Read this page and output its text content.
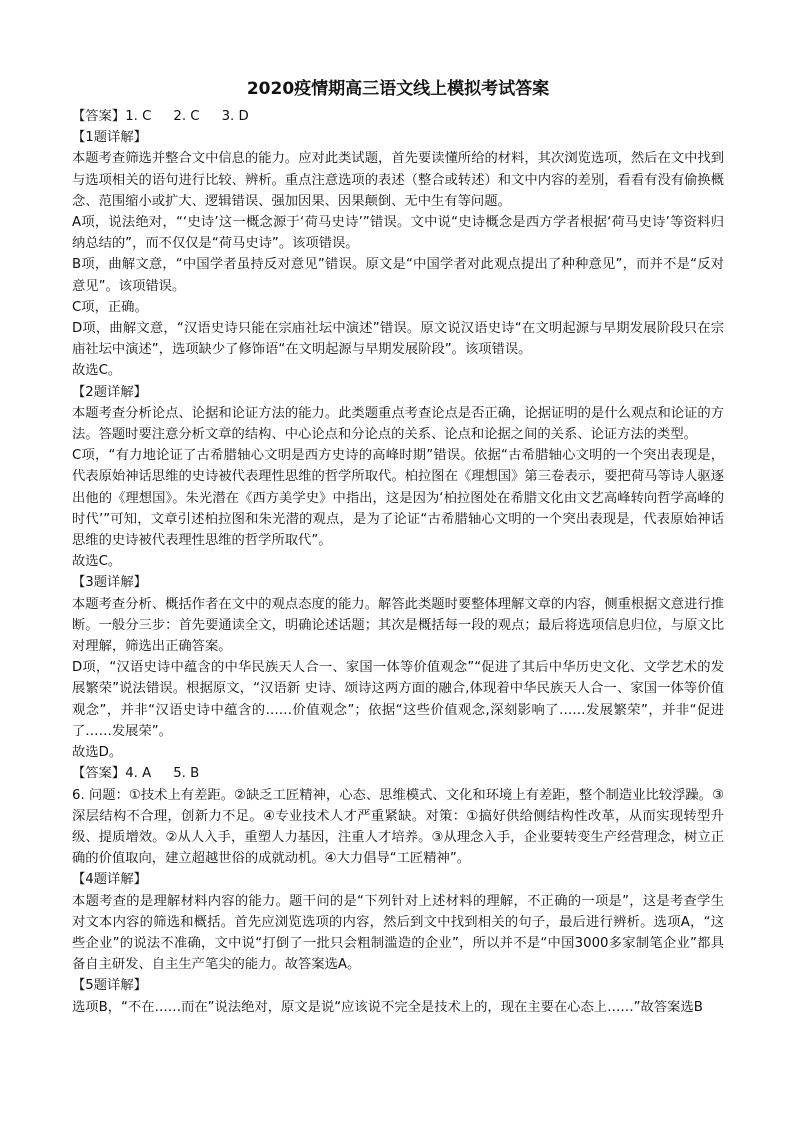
2020疫情期高三语文线上模拟考试答案

【答案】1. C 2. C 3. D

【1题详解】

本题考查筛选并整合文中信息的能力。应对此类试题，首先要读懂所给的材料，其次浏览选项，然后在文中找到与选项相关的语句进行比较、辨析。重点注意选项的表述（整合或转述）和文中内容的差别，看看有没有偷换概念、范围缩小或扩大、逻辑错误、强加因果、因果颠倒、无中生有等问题。

A项，说法绝对，“‘史诗’这一概念源于‘荷马史诗’”错误。文中说“史诗概念是西方学者根据‘荷马史诗’等资料归纳总结的”，而不仅仅是“荷马史诗”。该项错误。

B项，曲解文意，“中国学者虽持反对意见”错误。原文是“中国学者对此观点提出了种种意见”，而并不是“反对意见”。该项错误。

C项，正确。

D项，曲解文意，“汉语史诗只能在宗庙社坛中演述”错误。原文说汉语史诗“在文明起源与早期发展阶段只在宗庙社坛中演述”，选项缺少了修饰语“在文明起源与早期发展阶段”。该项错误。

故选C。

【2题详解】

本题考查分析论点、论据和论证方法的能力。此类题重点考查论点是否正确，论据证明的是什么观点和论证的方法。答题时要注意分析文章的结构、中心论点和分论点的关系、论点和论据之间的关系、论证方法的类型。

C项，“有力地论证了古希腊轴心文明是西方史诗的高峰时期”错误。依据“古希腊轴心文明的一个突出表现是，代表原始神话思维的史诗被代表理性思维的哲学所取代。柏拉图在《理想国》第三卷表示，要把荷马等诗人驱逐出他的《理想国》。朱光潜在《西方美学史》中指出，这是因为‘柏拉图处在希腊文化由文艺高峰转向哲学高峰的时代’”可知，文章引述柏拉图和朱光潜的观点，是为了论证“古希腊轴心文明的一个突出表现是，代表原始神话思维的史诗被代表理性思维的哲学所取代”。

故选C。

【3题详解】

本题考查分析、概括作者在文中的观点态度的能力。解答此类题时要整体理解文章的内容，侧重根据文意进行推断。一般分三步：首先要通读全文，明确论述话题；其次是概括每一段的观点；最后将选项信息归位，与原文比对理解，筛选出正确答案。

D项，“汉语史诗中蕴含的中华民族天人合一、家国一体等价值观念”“促进了其后中华历史文化、文学艺术的发展繁荣”说法错误。根据原文，“汉语新 史诗、颂诗这两方面的融合,体现着中华民族天人合一、家国一体等价值观念”，并非“汉语史诗中蕴含的……价值观念”；依据“这些价值观念,深刻影响了……发展繁荣”，并非“促进了……发展荣”。

故选D。

【答案】4. A 5. B

6. 问题：①技术上有差距。②缺乏工匠精神，心态、思维模式、文化和环境上有差距，整个制造业比较浮躁。③深层结构不合理，创新力不足。④专业技术人才严重紧缺。对策：①搞好供给侧结构性改革，从而实现转型升级、提质增效。②从人入手，重塑人力基因，注重人才培养。③从理念入手，企业要转变生产经营理念，树立正确的价值取向，建立超越世俗的成就动机。④大力倡导“工匠精神”。

【4题详解】

本题考查的是理解材料内容的能力。题干问的是“下列针对上述材料的理解，不正确的一项是”，这是考查学生对文本内容的筛选和概括。首先应浏览选项的内容，然后到文中找到相关的句子，最后进行辨析。选项A，“这些企业”的说法不准确，文中说“打倒了一批只会粗制滥造的企业”，所以并不是“中国3000多家制笔企业”都具备自主研发、自主生产笔尖的能力。故答案选A。

【5题详解】

选项B，“不在……而在”说法绝对，原文是说“应该说不完全是技术上的，现在主要在心态上……”故答案选B
